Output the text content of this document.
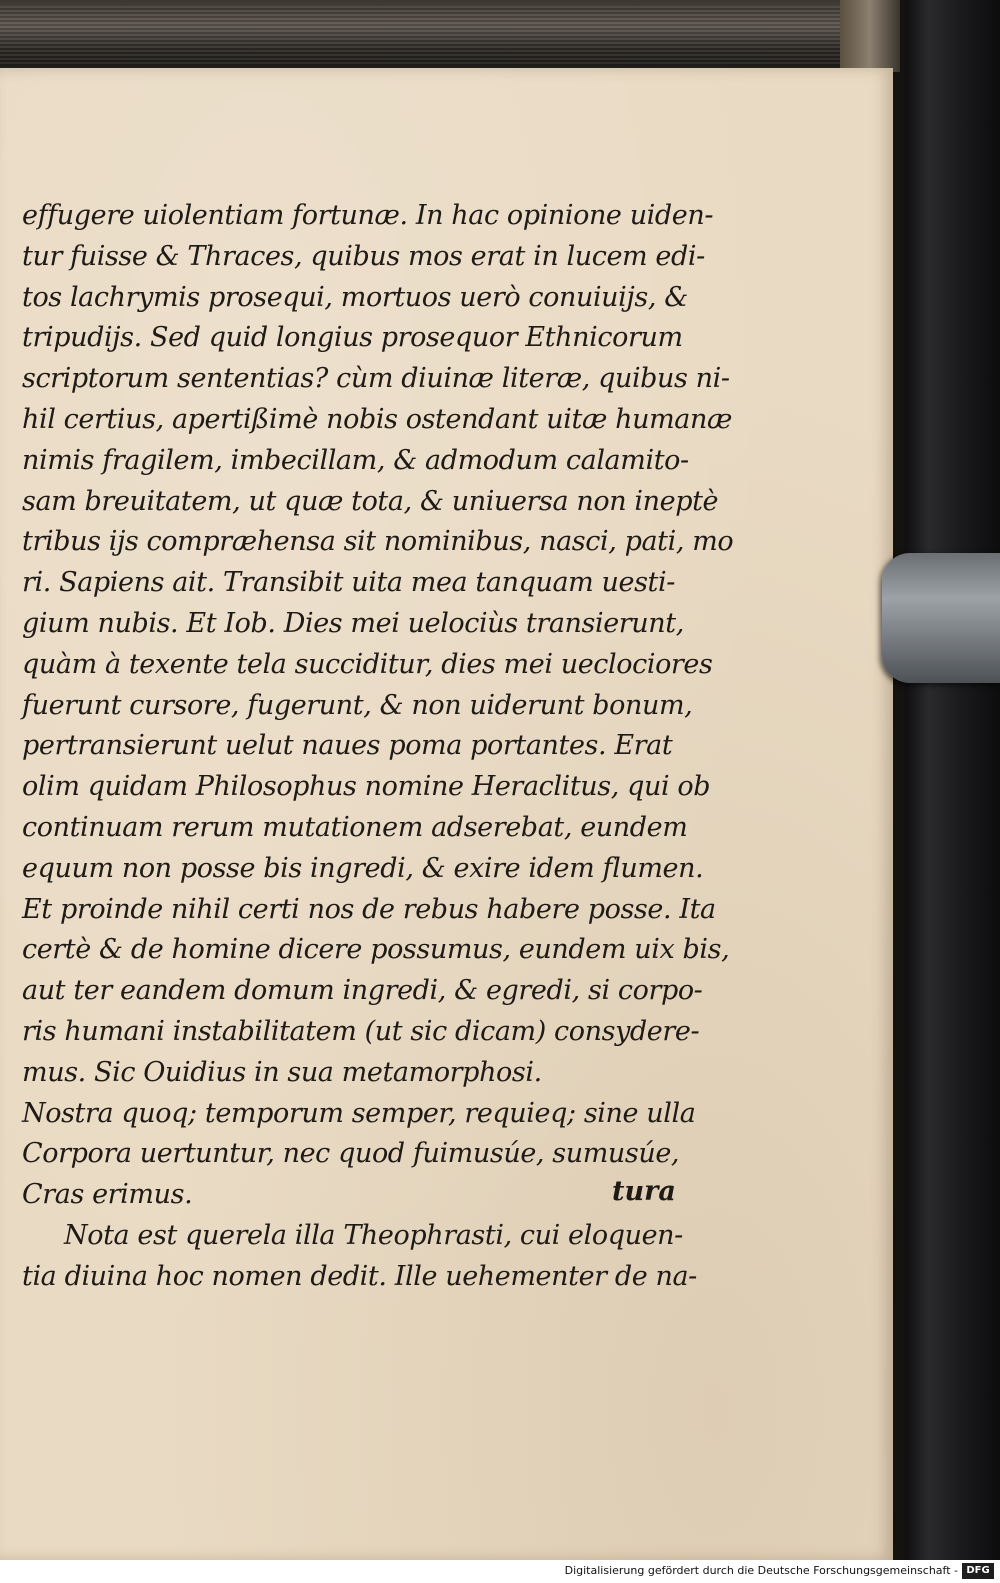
effugere uiolentiam fortunæ. In hac opinione uiden-
tur fuisse & Thraces, quibus mos erat in lucem edi-
tos lachrymis prosequi, mortuos uerò conuiuijs, &
tripudijs. Sed quid longius prosequor Ethnicorum
scriptorum sententias? cùm diuinæ literæ, quibus ni-
hil certius, apertißimè nobis ostendant uitæ humanæ
nimis fragilem, imbecillam, & admodum calamito-
sam breuitatem, ut quæ tota, & uniuersa non ineptè
tribus ijs compræhensa sit nominibus, nasci, pati, mo
ri. Sapiens ait. Transibit uita mea tanquam uesti-
gium nubis. Et Iob. Dies mei uelociùs transierunt,
quàm à texente tela succiditur, dies mei ueclociores
fuerunt cursore, fugerunt, & non uiderunt bonum,
pertransierunt uelut naues poma portantes. Erat
olim quidam Philosophus nomine Heraclitus, qui ob
continuam rerum mutationem adserebat, eundem
equum non posse bis ingredi, & exire idem flumen.
Et proinde nihil certi nos de rebus habere posse. Ita
certè & de homine dicere possumus, eundem uix bis,
aut ter eandem domum ingredi, & egredi, si corpo-
ris humani instabilitatem (ut sic dicam) consydere-
mus. Sic Ouidius in sua metamorphosi.
Nostra quoq; temporum semper, requieq; sine ulla
Corpora uertuntur, nec quod fuimusúe, sumusúe,
Cras erimus.
Nota est querela illa Theophrasti, cui eloquen-
tia diuina hoc nomen dedit. Ille uehementer de na-
tura
Digitalisierung gefördert durch die Deutsche Forschungsgemeinschaft - DFG
